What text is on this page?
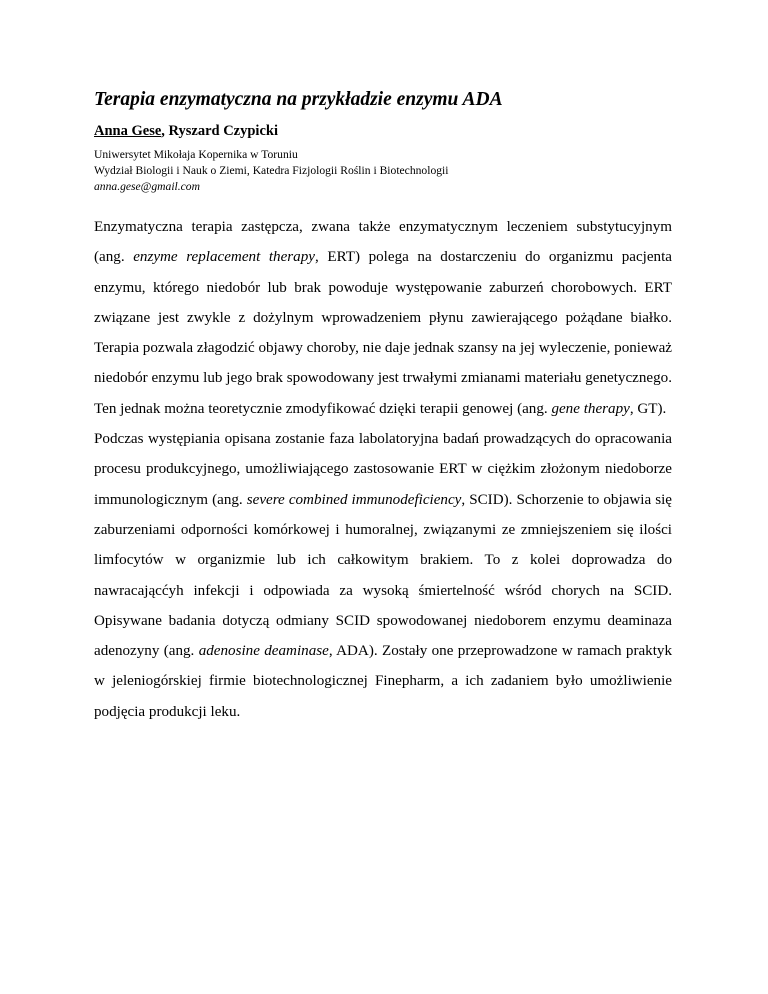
Terapia enzymatyczna na przykładzie enzymu ADA
Anna Gese, Ryszard Czypicki
Uniwersytet Mikołaja Kopernika w Toruniu
Wydział Biologii i Nauk o Ziemi, Katedra Fizjologii Roślin i Biotechnologii
anna.gese@gmail.com

Enzymatyczna terapia zastępcza, zwana także enzymatycznym leczeniem substytucyjnym (ang. enzyme replacement therapy, ERT) polega na dostarczeniu do organizmu pacjenta enzymu, którego niedobór lub brak powoduje występowanie zaburzeń chorobowych. ERT związane jest zwykle z dożylnym wprowadzeniem płynu zawierającego pożądane białko. Terapia pozwala złagodzić objawy choroby, nie daje jednak szansy na jej wyleczenie, ponieważ niedobór enzymu lub jego brak spowodowany jest trwałymi zmianami materiału genetycznego. Ten jednak można teoretycznie zmodyfikować dzięki terapii genowej (ang. gene therapy, GT).

Podczas występiania opisana zostanie faza labolatoryjna badań prowadzących do opracowania procesu produkcyjnego, umożliwiającego zastosowanie ERT w ciężkim złożonym niedoborze immunologicznym (ang. severe combined immunodeficiency, SCID). Schorzenie to objawia się zaburzeniami odporności komórkowej i humoralnej, związanymi ze zmniejszeniem się ilości limfocytów w organizmie lub ich całkowitym brakiem. To z kolei doprowadza do nawracającćyh infekcji i odpowiada za wysoką śmiertelność wśród chorych na SCID. Opisywane badania dotyczą odmiany SCID spowodowanej niedoborem enzymu deaminaza adenozyny (ang. adenosine deaminase, ADA). Zostały one przeprowadzone w ramach praktyk w jeleniogórskiej firmie biotechnologicznej Finepharm, a ich zadaniem było umożliwienie podjęcia produkcji leku.
